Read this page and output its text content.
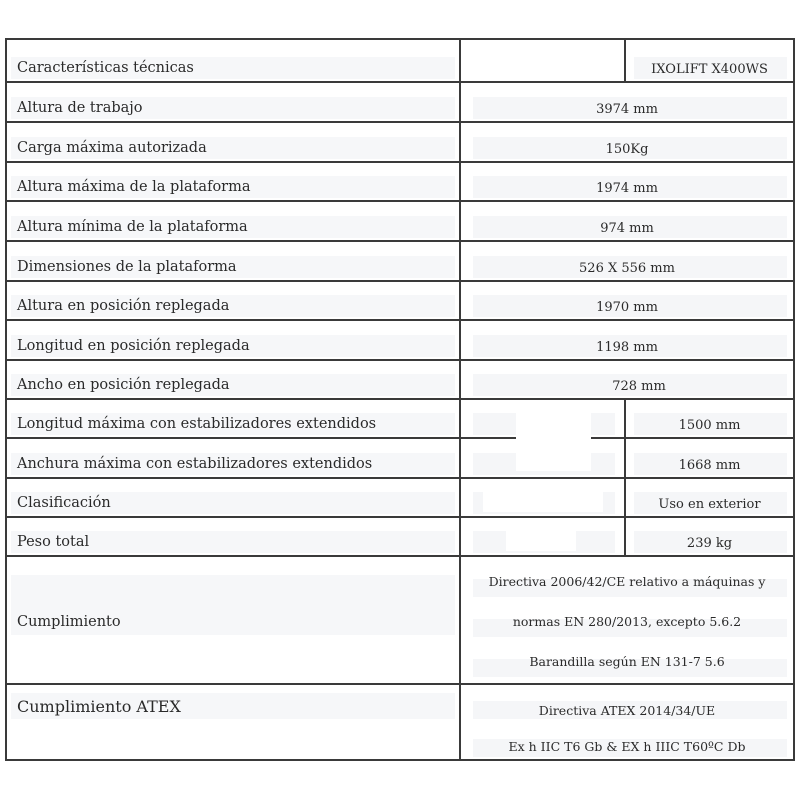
Características técnicas	IXOLIFT X400WS
Altura de trabajo	3974 mm
Carga máxima autorizada	150Kg
Altura máxima de la plataforma	1974 mm
Altura mínima de la plataforma	974 mm
Dimensiones de la plataforma	526 X 556 mm
Altura en posición replegada	1970 mm
Longitud en posición replegada	1198 mm
Ancho en posición replegada	728 mm
Longitud máxima con estabilizadores extendidos	1500 mm
Anchura máxima con estabilizadores extendidos	1668 mm
Clasificación	Uso en exterior
Peso total	239 kg
Cumplimiento
Directiva 2006/42/CE relativo a máquinas y
normas EN 280/2013, excepto 5.6.2
Barandilla según EN 131-7 5.6
Cumplimiento ATEX	Directiva ATEX 2014/34/UE
Ex h IIC T6 Gb & EX h IIIC T60ºC Db
